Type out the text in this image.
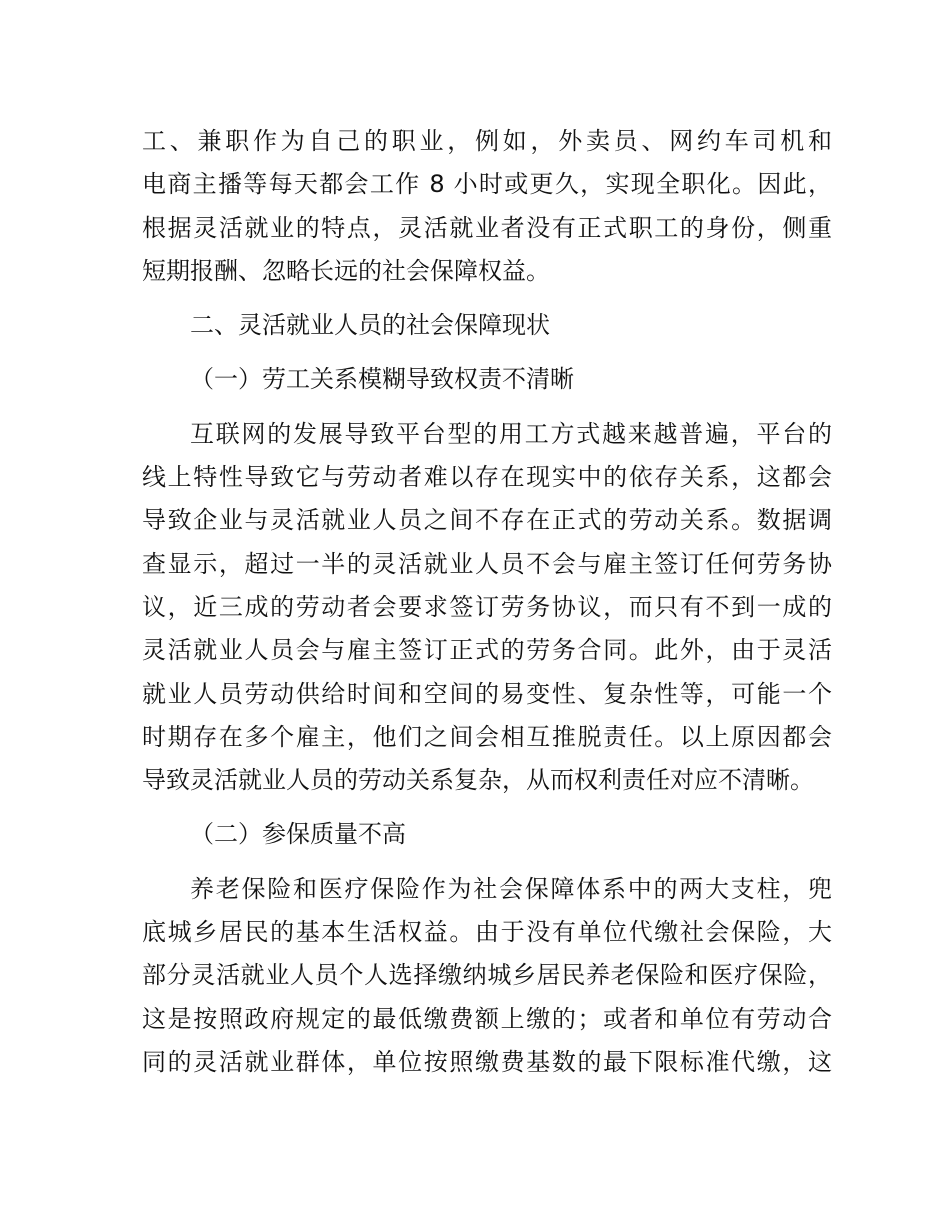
工、兼职作为自己的职业，例如，外卖员、网约车司机和
电商主播等每天都会工作 8 小时或更久，实现全职化。因此，
根据灵活就业的特点，灵活就业者没有正式职工的身份，侧重
短期报酬、忽略长远的社会保障权益。
二、灵活就业人员的社会保障现状
（一）劳工关系模糊导致权责不清晰
互联网的发展导致平台型的用工方式越来越普遍，平台的
线上特性导致它与劳动者难以存在现实中的依存关系，这都会
导致企业与灵活就业人员之间不存在正式的劳动关系。数据调
查显示，超过一半的灵活就业人员不会与雇主签订任何劳务协
议，近三成的劳动者会要求签订劳务协议，而只有不到一成的
灵活就业人员会与雇主签订正式的劳务合同。此外，由于灵活
就业人员劳动供给时间和空间的易变性、复杂性等，可能一个
时期存在多个雇主，他们之间会相互推脱责任。以上原因都会
导致灵活就业人员的劳动关系复杂，从而权利责任对应不清晰。
（二）参保质量不高
养老保险和医疗保险作为社会保障体系中的两大支柱，兜
底城乡居民的基本生活权益。由于没有单位代缴社会保险，大
部分灵活就业人员个人选择缴纳城乡居民养老保险和医疗保险，
这是按照政府规定的最低缴费额上缴的；或者和单位有劳动合
同的灵活就业群体，单位按照缴费基数的最下限标准代缴，这
